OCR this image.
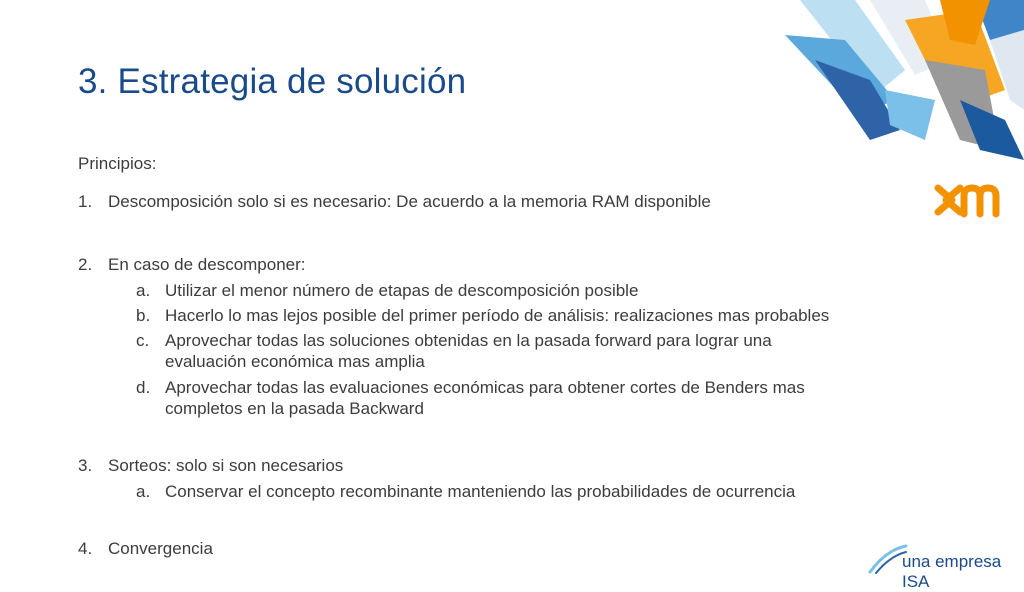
3. Estrategia de solución
Principios:
1. Descomposición solo si es necesario: De acuerdo a la memoria RAM disponible
2. En caso de descomponer:
a. Utilizar el menor número de etapas de descomposición posible
b. Hacerlo lo mas lejos posible del primer período de análisis: realizaciones mas probables
c. Aprovechar todas las soluciones obtenidas en la pasada forward para lograr una
evaluación económica mas amplia
d. Aprovechar todas las evaluaciones económicas para obtener cortes de Benders mas
completos en la pasada Backward
3. Sorteos: solo si son necesarios
a. Conservar el concepto recombinante manteniendo las probabilidades de ocurrencia
4. Convergencia
una empresa ISA
